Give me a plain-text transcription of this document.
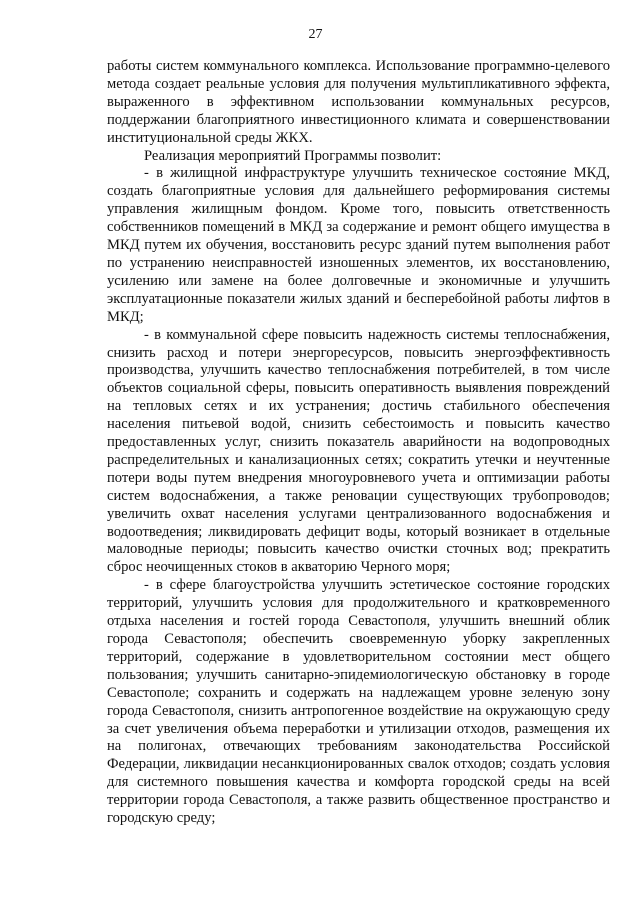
27

работы систем коммунального комплекса. Использование программно-целевого метода создает реальные условия для получения мультипликативного эффекта, выраженного в эффективном использовании коммунальных ресурсов, поддержании благоприятного инвестиционного климата и совершенствовании институциональной среды ЖКХ.

Реализация мероприятий Программы позволит:

- в жилищной инфраструктуре улучшить техническое состояние МКД, создать благоприятные условия для дальнейшего реформирования системы управления жилищным фондом. Кроме того, повысить ответственность собственников помещений в МКД за содержание и ремонт общего имущества в МКД путем их обучения, восстановить ресурс зданий путем выполнения работ по устранению неисправностей изношенных элементов, их восстановлению, усилению или замене на более долговечные и экономичные и улучшить эксплуатационные показатели жилых зданий и бесперебойной работы лифтов в МКД;

- в коммунальной сфере повысить надежность системы теплоснабжения, снизить расход и потери энергоресурсов, повысить энергоэффективность производства, улучшить качество теплоснабжения потребителей, в том числе объектов социальной сферы, повысить оперативность выявления повреждений на тепловых сетях и их устранения; достичь стабильного обеспечения населения питьевой водой, снизить себестоимость и повысить качество предоставленных услуг, снизить показатель аварийности на водопроводных распределительных и канализационных сетях; сократить утечки и неучтенные потери воды путем внедрения многоуровневого учета и оптимизации работы систем водоснабжения, а также реновации существующих трубопроводов; увеличить охват населения услугами централизованного водоснабжения и водоотведения; ликвидировать дефицит воды, который возникает в отдельные маловодные периоды; повысить качество очистки сточных вод; прекратить сброс неочищенных стоков в акваторию Черного моря;

- в сфере благоустройства улучшить эстетическое состояние городских территорий, улучшить условия для продолжительного и кратковременного отдыха населения и гостей города Севастополя, улучшить внешний облик города Севастополя; обеспечить своевременную уборку закрепленных территорий, содержание в удовлетворительном состоянии мест общего пользования; улучшить санитарно-эпидемиологическую обстановку в городе Севастополе; сохранить и содержать на надлежащем уровне зеленую зону города Севастополя, снизить антропогенное воздействие на окружающую среду за счет увеличения объема переработки и утилизации отходов, размещения их на полигонах, отвечающих требованиям законодательства Российской Федерации, ликвидации несанкционированных свалок отходов; создать условия для системного повышения качества и комфорта городской среды на всей территории города Севастополя, а также развить общественное пространство и городскую среду;
